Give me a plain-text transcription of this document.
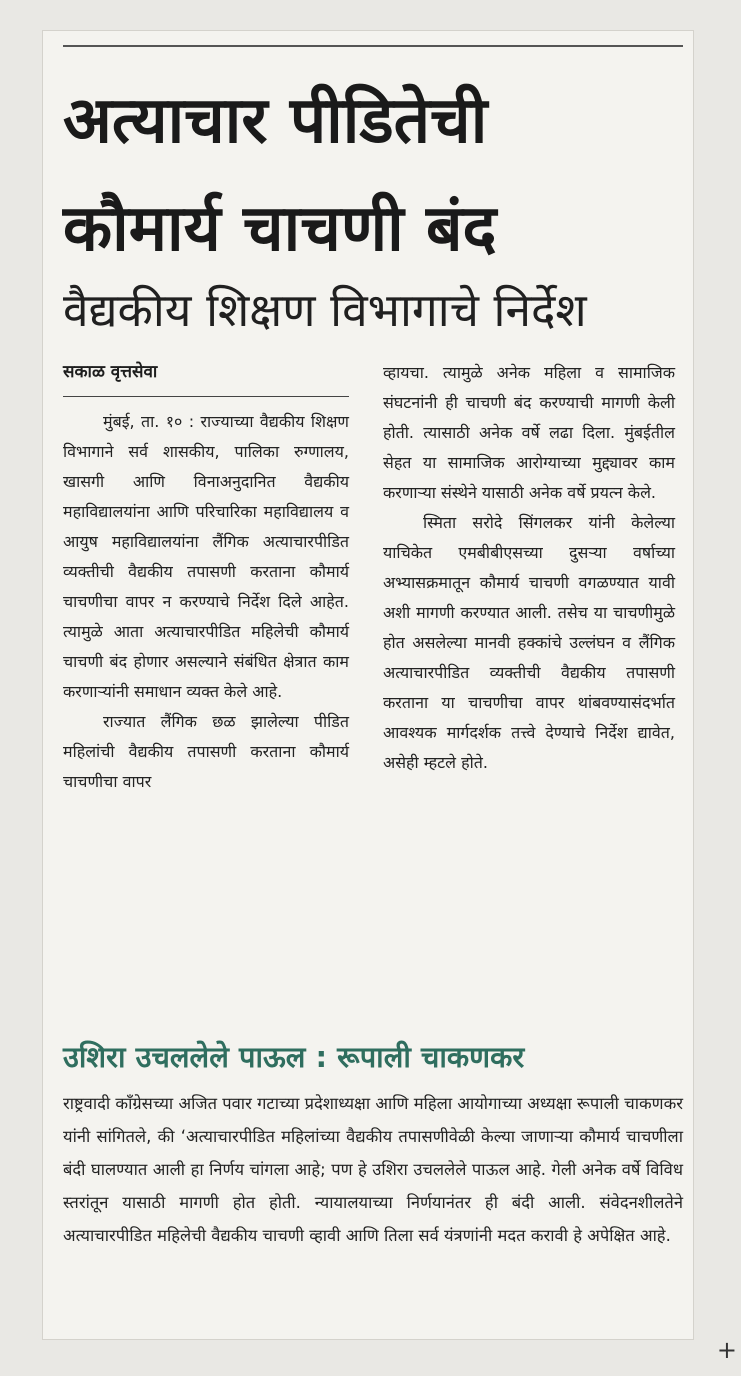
अत्याचार पीडितेची
कौमार्य चाचणी बंद
वैद्यकीय शिक्षण विभागाचे निर्देश
सकाळ वृत्तसेवा

मुंबई, ता. १० : राज्याच्या वैद्यकीय शिक्षण विभागाने सर्व शासकीय, पालिका रुग्णालय, खासगी आणि विनाअनुदानित वैद्यकीय महाविद्यालयांना आणि परिचारिका महाविद्यालय व आयुष महाविद्यालयांना लैंगिक अत्याचारपीडित व्यक्तीची वैद्यकीय तपासणी करताना कौमार्य चाचणीचा वापर न करण्याचे निर्देश दिले आहेत. त्यामुळे आता अत्याचारपीडित महिलेची कौमार्य चाचणी बंद होणार असल्याने संबंधित क्षेत्रात काम करणाऱ्यांनी समाधान व्यक्त केले आहे.

राज्यात लैंगिक छळ झालेल्या पीडित महिलांची वैद्यकीय तपासणी करताना कौमार्य चाचणीचा वापर

व्हायचा. त्यामुळे अनेक महिला व सामाजिक संघटनांनी ही चाचणी बंद करण्याची मागणी केली होती. त्यासाठी अनेक वर्षे लढा दिला. मुंबईतील सेहत या सामाजिक आरोग्याच्या मुद्द्यावर काम करणाऱ्या संस्थेने यासाठी अनेक वर्षे प्रयत्न केले.

स्मिता सरोदे सिंगलकर यांनी केलेल्या याचिकेत एमबीबीएसच्या दुसऱ्या वर्षाच्या अभ्यासक्रमातून कौमार्य चाचणी वगळण्यात यावी अशी मागणी करण्यात आली. तसेच या चाचणीमुळे होत असलेल्या मानवी हक्कांचे उल्लंघन व लैंगिक अत्याचारपीडित व्यक्तीची वैद्यकीय तपासणी करताना या चाचणीचा वापर थांबवण्यासंदर्भात आवश्यक मार्गदर्शक तत्त्वे देण्याचे निर्देश द्यावेत, असेही म्हटले होते.

उशिरा उचललेले पाऊल : रूपाली चाकणकर
राष्ट्रवादी काँग्रेसच्या अजित पवार गटाच्या प्रदेशाध्यक्षा आणि महिला आयोगाच्या अध्यक्षा रूपाली चाकणकर यांनी सांगितले, की ‘अत्याचारपीडित महिलांच्या वैद्यकीय तपासणीवेळी केल्या जाणाऱ्या कौमार्य चाचणीला बंदी घालण्यात आली हा निर्णय चांगला आहे; पण हे उशिरा उचललेले पाऊल आहे. गेली अनेक वर्षे विविध स्तरांतून यासाठी मागणी होत होती. न्यायालयाच्या निर्णयानंतर ही बंदी आली. संवेदनशीलतेने अत्याचारपीडित महिलेची वैद्यकीय चाचणी व्हावी आणि तिला सर्व यंत्रणांनी मदत करावी हे अपेक्षित आहे.
+
